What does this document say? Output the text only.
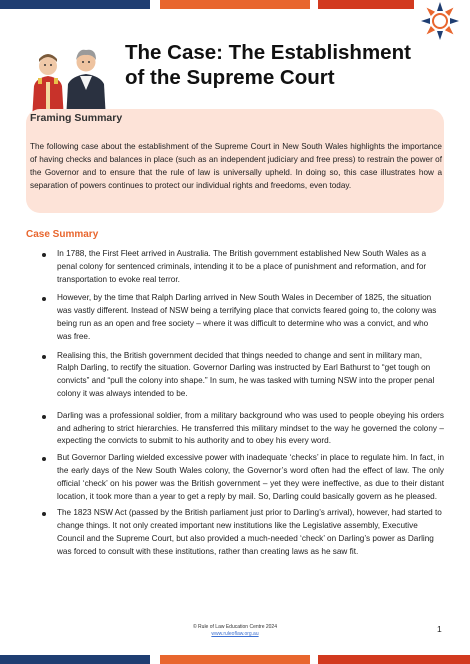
The Case: The Establishment of the Supreme Court
Framing Summary

The following case about the establishment of the Supreme Court in New South Wales highlights the importance of having checks and balances in place (such as an independent judiciary and free press) to restrain the power of the Governor and to ensure that the rule of law is universally upheld. In doing so, this case illustrates how a separation of powers continues to protect our individual rights and freedoms, even today.

Case Summary
In 1788, the First Fleet arrived in Australia. The British government established New South Wales as a penal colony for sentenced criminals, intending it to be a place of punishment and reformation, and for transportation to evoke real terror.
However, by the time that Ralph Darling arrived in New South Wales in December of 1825, the situation was vastly different. Instead of NSW being a terrifying place that convicts feared going to, the colony was being run as an open and free society – where it was difficult to determine who was a convict, and who was free.
Realising this, the British government decided that things needed to change and sent in military man, Ralph Darling, to rectify the situation. Governor Darling was instructed by Earl Bathurst to “get tough on convicts” and “pull the colony into shape.” In sum, he was tasked with turning NSW into the proper penal colony it was always intended to be.
Darling was a professional soldier, from a military background who was used to people obeying his orders and adhering to strict hierarchies. He transferred this military mindset to the way he governed the colony – expecting the convicts to submit to his authority and to obey his every word.
But Governor Darling wielded excessive power with inadequate ‘checks’ in place to regulate him. In fact, in the early days of the New South Wales colony, the Governor’s word often had the effect of law. The only official ‘check’ on his power was the British government – yet they were ineffective, as due to their distant location, it took more than a year to get a reply by mail. So, Darling could basically govern as he pleased.
The 1823 NSW Act (passed by the British parliament just prior to Darling’s arrival), however, had started to change things. It not only created important new institutions like the Legislative assembly, Executive Council and the Supreme Court, but also provided a much-needed ‘check’ on Darling’s power as Darling was forced to consult with these institutions, rather than creating laws as he saw fit.
© Rule of Law Education Centre 2024
www.ruleoflaw.org.au	1
